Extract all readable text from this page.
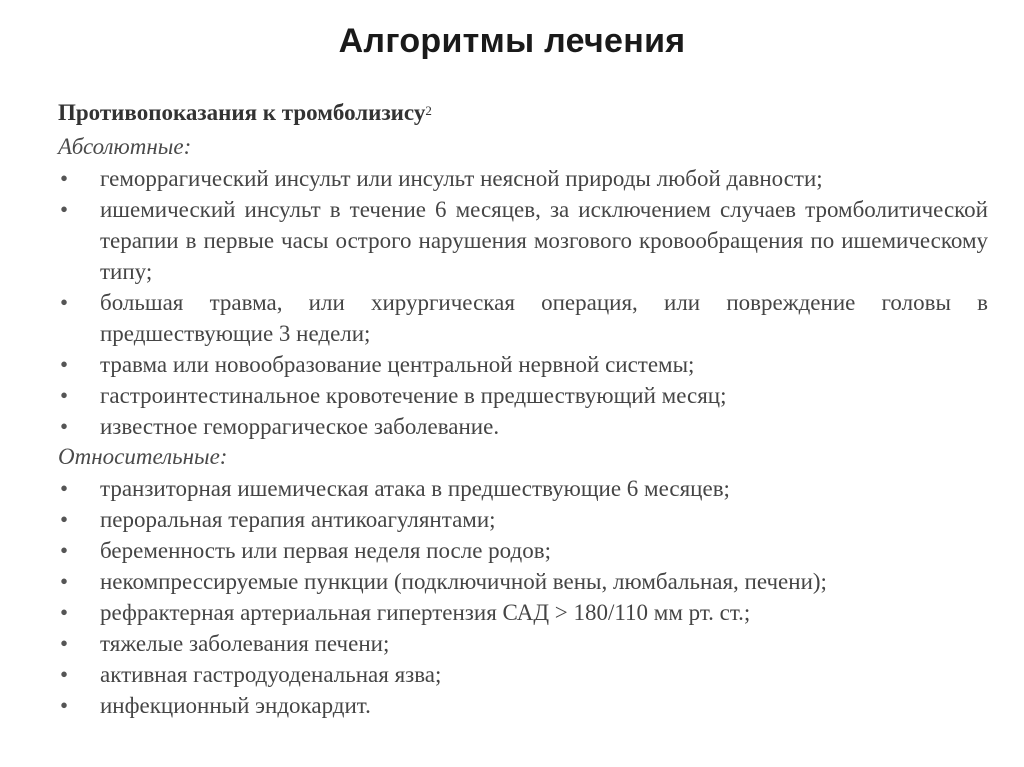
Алгоритмы лечения
Противопоказания к тромболизису$^2$
Абсолютные:
•	геморрагический инсульт или инсульт неясной природы любой давности;
•	ишемический инсульт в течение 6 месяцев, за исключением случаев тромболитической терапии в первые часы острого нарушения мозгового кровообращения по ишемическому типу;
•	большая травма, или хирургическая операция, или повреждение головы в предшествующие 3 недели;
•	травма или новообразование центральной нервной системы;
•	гастроинтестинальное кровотечение в предшествующий месяц;
•	известное геморрагическое заболевание.
Относительные:
•	транзиторная ишемическая атака в предшествующие 6 месяцев;
•	пероральная терапия антикоагулянтами;
•	беременность или первая неделя после родов;
•	некомпрессируемые пункции (подключичной вены, люмбальная, печени);
•	рефрактерная артериальная гипертензия САД > 180/110 мм рт. ст.;
•	тяжелые заболевания печени;
•	активная гастродуоденальная язва;
•	инфекционный эндокардит.
